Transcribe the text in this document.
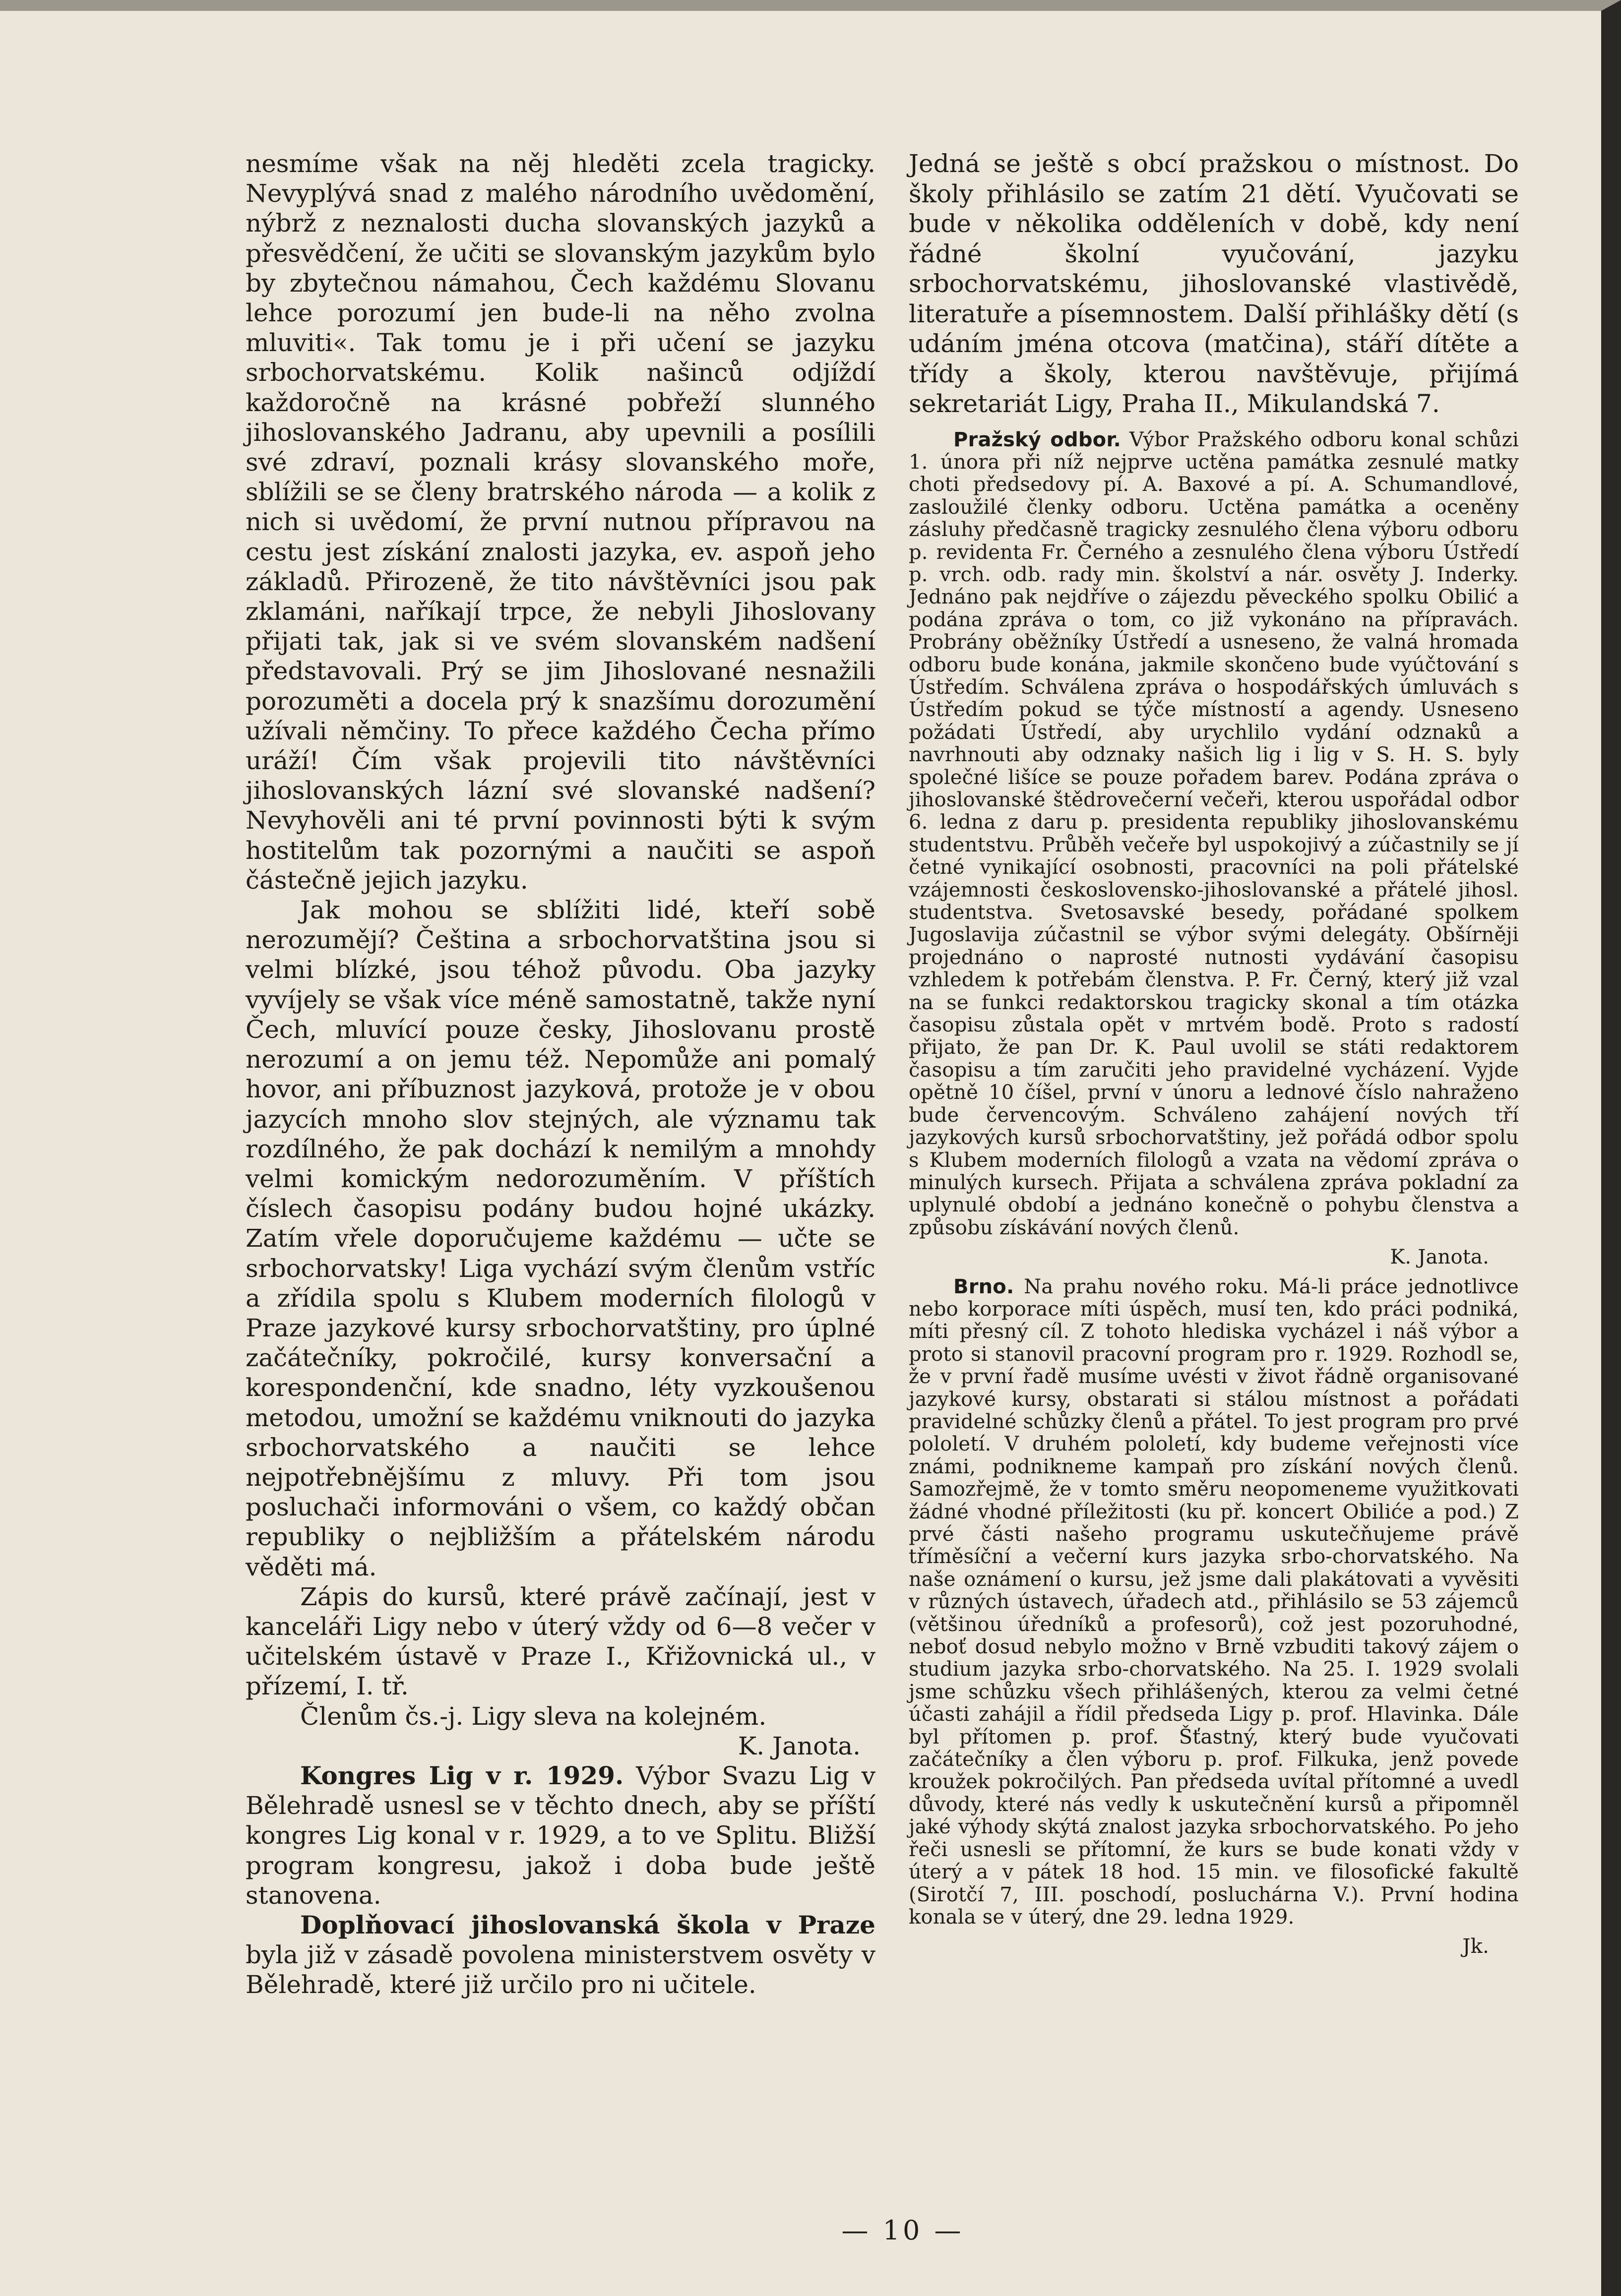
nesmíme však na něj hleděti zcela tragicky. Nevyplývá snad z malého národního uvědomění, nýbrž z neznalosti ducha slovanských jazyků a přesvědčení, že učiti se slovanským jazykům bylo by zbytečnou námahou, Čech každému Slovanu lehce porozumí jen bude-li na něho zvolna mluviti«. Tak tomu je i při učení se jazyku srbochorvatskému. Kolik našinců odjíždí každoročně na krásné pobřeží slunného jihoslovanského Jadranu, aby upevnili a posílili své zdraví, poznali krásy slovanského moře, sblížili se se členy bratrského národa — a kolik z nich si uvědomí, že první nutnou přípravou na cestu jest získání znalosti jazyka, ev. aspoň jeho základů. Přirozeně, že tito návštěvníci jsou pak zklamáni, naříkají trpce, že nebyli Jihoslovany přijati tak, jak si ve svém slovanském nadšení představovali. Prý se jim Jihoslované nesnažili porozuměti a docela prý k snazšímu dorozumění užívali němčiny. To přece každého Čecha přímo uráží! Čím však projevili tito návštěvníci jihoslovanských lázní své slovanské nadšení? Nevyhověli ani té první povinnosti býti k svým hostitelům tak pozornými a naučiti se aspoň částečně jejich jazyku.

Jak mohou se sblížiti lidé, kteří sobě nerozumějí? Čeština a srbochorvatština jsou si velmi blízké, jsou téhož původu. Oba jazyky vyvíjely se však více méně samostatně, takže nyní Čech, mluvící pouze česky, Jihoslovanu prostě nerozumí a on jemu též. Nepomůže ani pomalý hovor, ani příbuznost jazyková, protože je v obou jazycích mnoho slov stejných, ale významu tak rozdílného, že pak dochází k nemilým a mnohdy velmi komickým nedorozuměním. V příštích číslech časopisu podány budou hojné ukázky. Zatím vřele doporučujeme každému — učte se srbochorvatsky! Liga vychází svým členům vstříc a zřídila spolu s Klubem moderních filologů v Praze jazykové kursy srbochorvatštiny, pro úplné začátečníky, pokročilé, kursy konversační a korespondenční, kde snadno, léty vyzkoušenou metodou, umožní se každému vniknouti do jazyka srbochorvatského a naučiti se lehce nejpotřebnějšímu z mluvy. Při tom jsou posluchači informováni o všem, co každý občan republiky o nejbližším a přátelském národu věděti má.

Zápis do kursů, které právě začínají, jest v kanceláři Ligy nebo v úterý vždy od 6—8 večer v učitelském ústavě v Praze I., Křižovnická ul., v přízemí, I. tř.

Členům čs.-j. Ligy sleva na kolejném.

K. Janota.

Kongres Lig v r. 1929. Výbor Svazu Lig v Bělehradě usnesl se v těchto dnech, aby se příští kongres Lig konal v r. 1929, a to ve Splitu. Bližší program kongresu, jakož i doba bude ještě stanovena.

Doplňovací jihoslovanská škola v Praze byla již v zásadě povolena ministerstvem osvěty v Bělehradě, které již určilo pro ni učitele.

Jedná se ještě s obcí pražskou o místnost. Do školy přihlásilo se zatím 21 dětí. Vyučovati se bude v několika odděleních v době, kdy není řádné školní vyučování, jazyku srbochorvatskému, jihoslovanské vlastivědě, literatuře a písemnostem. Další přihlášky dětí (s udáním jména otcova (matčina), stáří dítěte a třídy a školy, kterou navštěvuje, přijímá sekretariát Ligy, Praha II., Mikulandská 7.

Pražský odbor. Výbor Pražského odboru konal schůzi 1. února při níž nejprve uctěna památka zesnulé matky choti předsedovy pí. A. Baxové a pí. A. Schumandlové, zasloužilé členky odboru. Uctěna památka a oceněny zásluhy předčasně tragicky zesnulého člena výboru odboru p. revidenta Fr. Černého a zesnulého člena výboru Ústředí p. vrch. odb. rady min. školství a nár. osvěty J. Inderky. Jednáno pak nejdříve o zájezdu pěveckého spolku Obilić a podána zpráva o tom, co již vykonáno na přípravách. Probrány oběžníky Ústředí a usneseno, že valná hromada odboru bude konána, jakmile skončeno bude vyúčtování s Ústředím. Schválena zpráva o hospodářských úmluvách s Ústředím pokud se týče místností a agendy. Usneseno požádati Ústředí, aby urychlilo vydání odznaků a navrhnouti aby odznaky našich lig i lig v S. H. S. byly společné lišíce se pouze pořadem barev. Podána zpráva o jihoslovanské štědrovečerní večeři, kterou uspořádal odbor 6. ledna z daru p. presidenta republiky jihoslovanskému studentstvu. Průběh večeře byl uspokojivý a zúčastnily se jí četné vynikající osobnosti, pracovníci na poli přátelské vzájemnosti československo-jihoslovanské a přátelé jihosl. studentstva. Svetosavské besedy, pořádané spolkem Jugoslavija zúčastnil se výbor svými delegáty. Obšírněji projednáno o naprosté nutnosti vydávání časopisu vzhledem k potřebám členstva. P. Fr. Černý, který již vzal na se funkci redaktorskou tragicky skonal a tím otázka časopisu zůstala opět v mrtvém bodě. Proto s radostí přijato, že pan Dr. K. Paul uvolil se státi redaktorem časopisu a tím zaručiti jeho pravidelné vycházení. Vyjde opětně 10 číšel, první v únoru a lednové číslo nahraženo bude červencovým. Schváleno zahájení nových tří jazykových kursů srbochorvatštiny, jež pořádá odbor spolu s Klubem moderních filologů a vzata na vědomí zpráva o minulých kursech. Přijata a schválena zpráva pokladní za uplynulé období a jednáno konečně o pohybu členstva a způsobu získávání nových členů.

K. Janota.

Brno. Na prahu nového roku. Má-li práce jednotlivce nebo korporace míti úspěch, musí ten, kdo práci podniká, míti přesný cíl. Z tohoto hlediska vycházel i náš výbor a proto si stanovil pracovní program pro r. 1929. Rozhodl se, že v první řadě musíme uvésti v život řádně organisované jazykové kursy, obstarati si stálou místnost a pořádati pravidelné schůzky členů a přátel. To jest program pro prvé pololetí. V druhém pololetí, kdy budeme veřejnosti více známi, podnikneme kampaň pro získání nových členů. Samozřejmě, že v tomto směru neopomeneme využitkovati žádné vhodné příležitosti (ku př. koncert Obiliće a pod.) Z prvé části našeho programu uskutečňujeme právě tříměsíční a večerní kurs jazyka srbo-chorvatského. Na naše oznámení o kursu, jež jsme dali plakátovati a vyvěsiti v různých ústavech, úřadech atd., přihlásilo se 53 zájemců (většinou úředníků a profesorů), což jest pozoruhodné, neboť dosud nebylo možno v Brně vzbuditi takový zájem o studium jazyka srbo-chorvatského. Na 25. I. 1929 svolali jsme schůzku všech přihlášených, kterou za velmi četné účasti zahájil a řídil předseda Ligy p. prof. Hlavinka. Dále byl přítomen p. prof. Šťastný, který bude vyučovati začátečníky a člen výboru p. prof. Filkuka, jenž povede kroužek pokročilých. Pan předseda uvítal přítomné a uvedl důvody, které nás vedly k uskutečnění kursů a připomněl jaké výhody skýtá znalost jazyka srbochorvatského. Po jeho řeči usnesli se přítomní, že kurs se bude konati vždy v úterý a v pátek 18 hod. 15 min. ve filosofické fakultě (Sirotčí 7, III. poschodí, posluchárna V.). První hodina konala se v úterý, dne 29. ledna 1929.

Jk.

— 10 —
